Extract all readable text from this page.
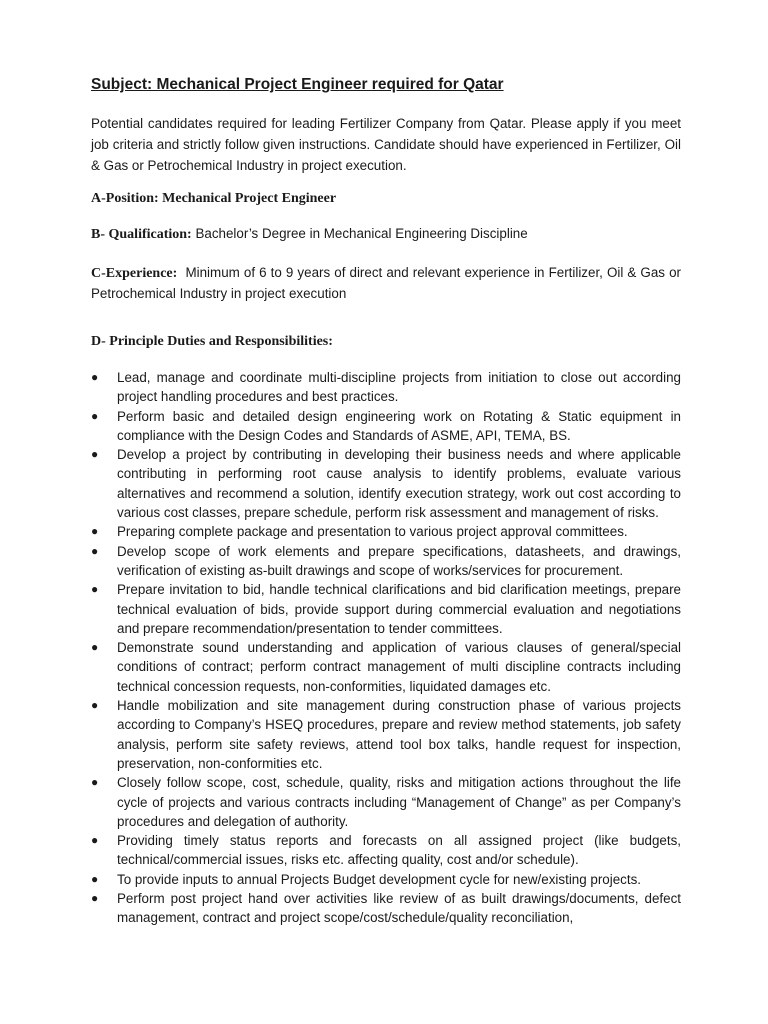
Subject: Mechanical Project Engineer required for Qatar
Potential candidates required for leading Fertilizer Company from Qatar. Please apply if you meet job criteria and strictly follow given instructions. Candidate should have experienced in Fertilizer, Oil & Gas or Petrochemical Industry in project execution.
A-Position: Mechanical Project Engineer
B- Qualification: Bachelor’s Degree in Mechanical Engineering Discipline
C-Experience: Minimum of 6 to 9 years of direct and relevant experience in Fertilizer, Oil & Gas or Petrochemical Industry in project execution
D- Principle Duties and Responsibilities:
● Lead, manage and coordinate multi-discipline projects from initiation to close out according project handling procedures and best practices.
● Perform basic and detailed design engineering work on Rotating & Static equipment in compliance with the Design Codes and Standards of ASME, API, TEMA, BS.
● Develop a project by contributing in developing their business needs and where applicable contributing in performing root cause analysis to identify problems, evaluate various alternatives and recommend a solution, identify execution strategy, work out cost according to various cost classes, prepare schedule, perform risk assessment and management of risks.
● Preparing complete package and presentation to various project approval committees.
● Develop scope of work elements and prepare specifications, datasheets, and drawings, verification of existing as-built drawings and scope of works/services for procurement.
● Prepare invitation to bid, handle technical clarifications and bid clarification meetings, prepare technical evaluation of bids, provide support during commercial evaluation and negotiations and prepare recommendation/presentation to tender committees.
● Demonstrate sound understanding and application of various clauses of general/special conditions of contract; perform contract management of multi discipline contracts including technical concession requests, non-conformities, liquidated damages etc.
● Handle mobilization and site management during construction phase of various projects according to Company’s HSEQ procedures, prepare and review method statements, job safety analysis, perform site safety reviews, attend tool box talks, handle request for inspection, preservation, non-conformities etc.
● Closely follow scope, cost, schedule, quality, risks and mitigation actions throughout the life cycle of projects and various contracts including “Management of Change” as per Company’s procedures and delegation of authority.
● Providing timely status reports and forecasts on all assigned project (like budgets, technical/commercial issues, risks etc. affecting quality, cost and/or schedule).
● To provide inputs to annual Projects Budget development cycle for new/existing projects.
● Perform post project hand over activities like review of as built drawings/documents, defect management, contract and project scope/cost/schedule/quality reconciliation,
